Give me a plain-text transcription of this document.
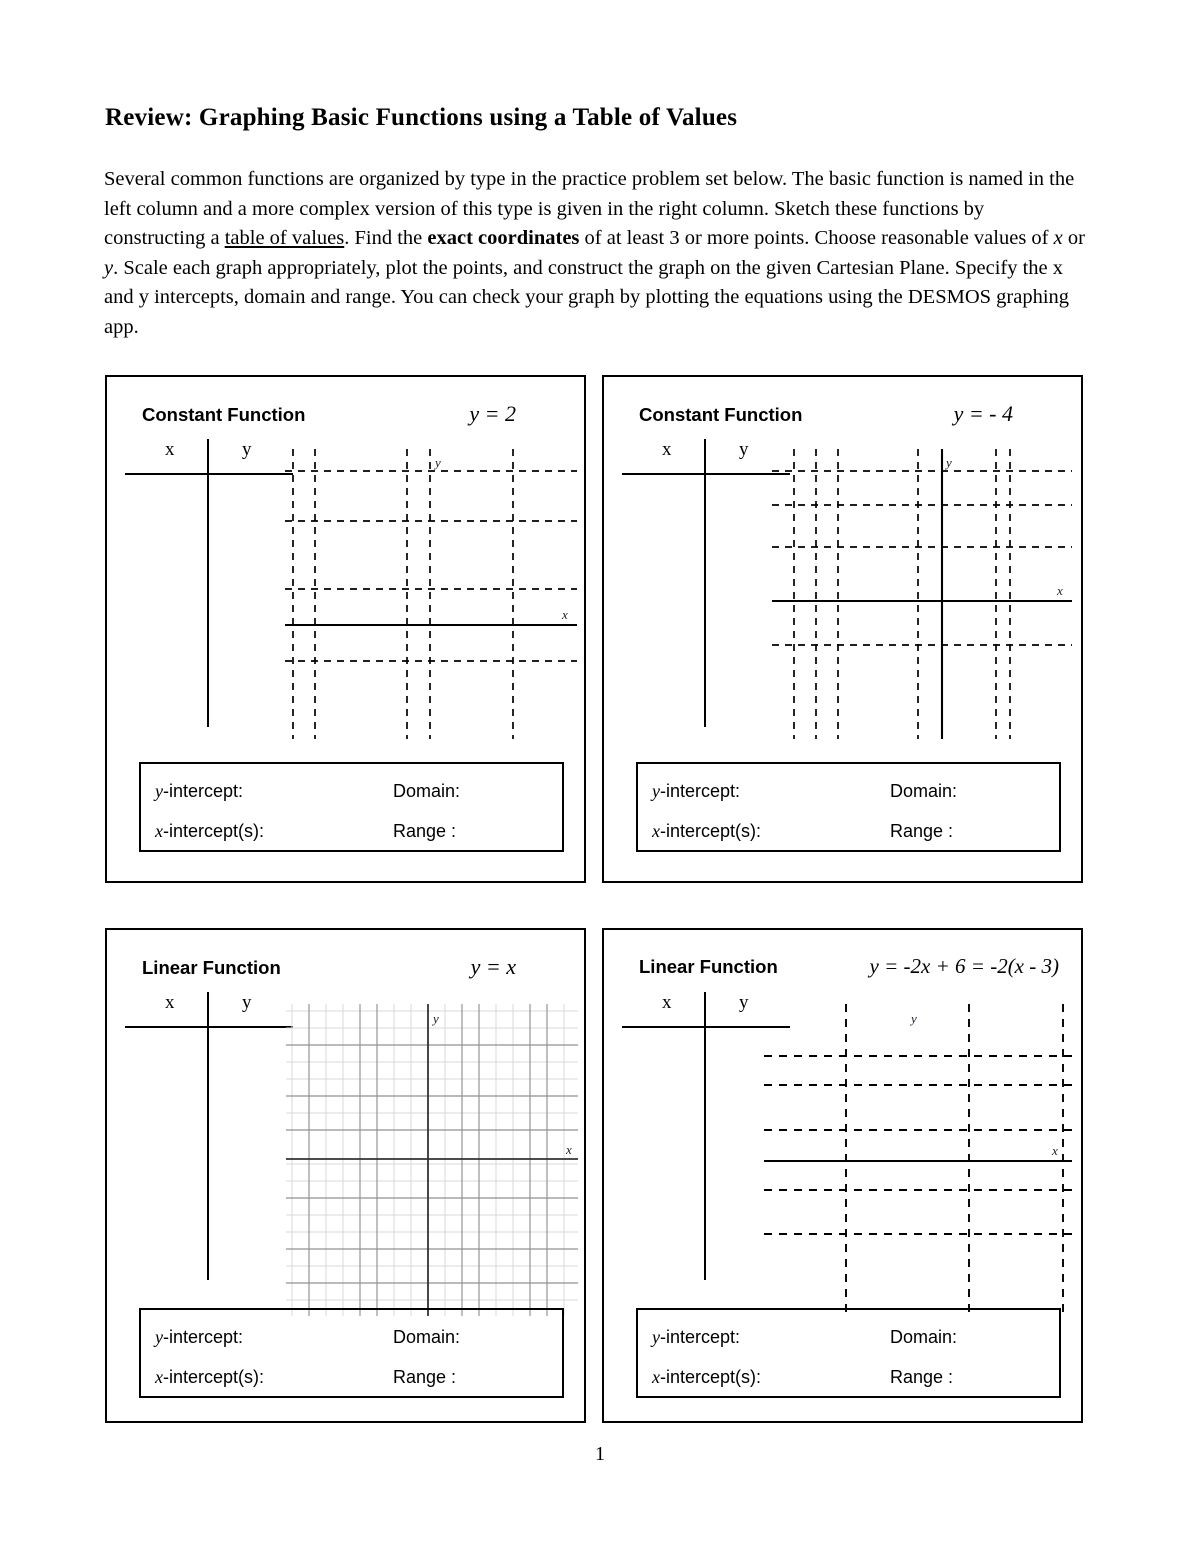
Review: Graphing Basic Functions using a Table of Values
Several common functions are organized by type in the practice problem set below. The basic function is named in the left column and a more complex version of this type is given in the right column. Sketch these functions by constructing a table of values. Find the exact coordinates of at least 3 or more points. Choose reasonable values of x or y. Scale each graph appropriately, plot the points, and construct the graph on the given Cartesian Plane. Specify the x and y intercepts, domain and range. You can check your graph by plotting the equations using the DESMOS graphing app.
Constant Function	y = 2
x	y
y
x
y-intercept:	Domain:
x-intercept(s):	Range :
Constant Function	y = - 4
x	y
y
x
y-intercept:	Domain:
x-intercept(s):	Range :
Linear Function	y = x
x	y
y
x
y-intercept:	Domain:
x-intercept(s):	Range :
Linear Function	y = -2x + 6 = -2(x - 3)
x	y
y
x
y-intercept:	Domain:
x-intercept(s):	Range :
1
